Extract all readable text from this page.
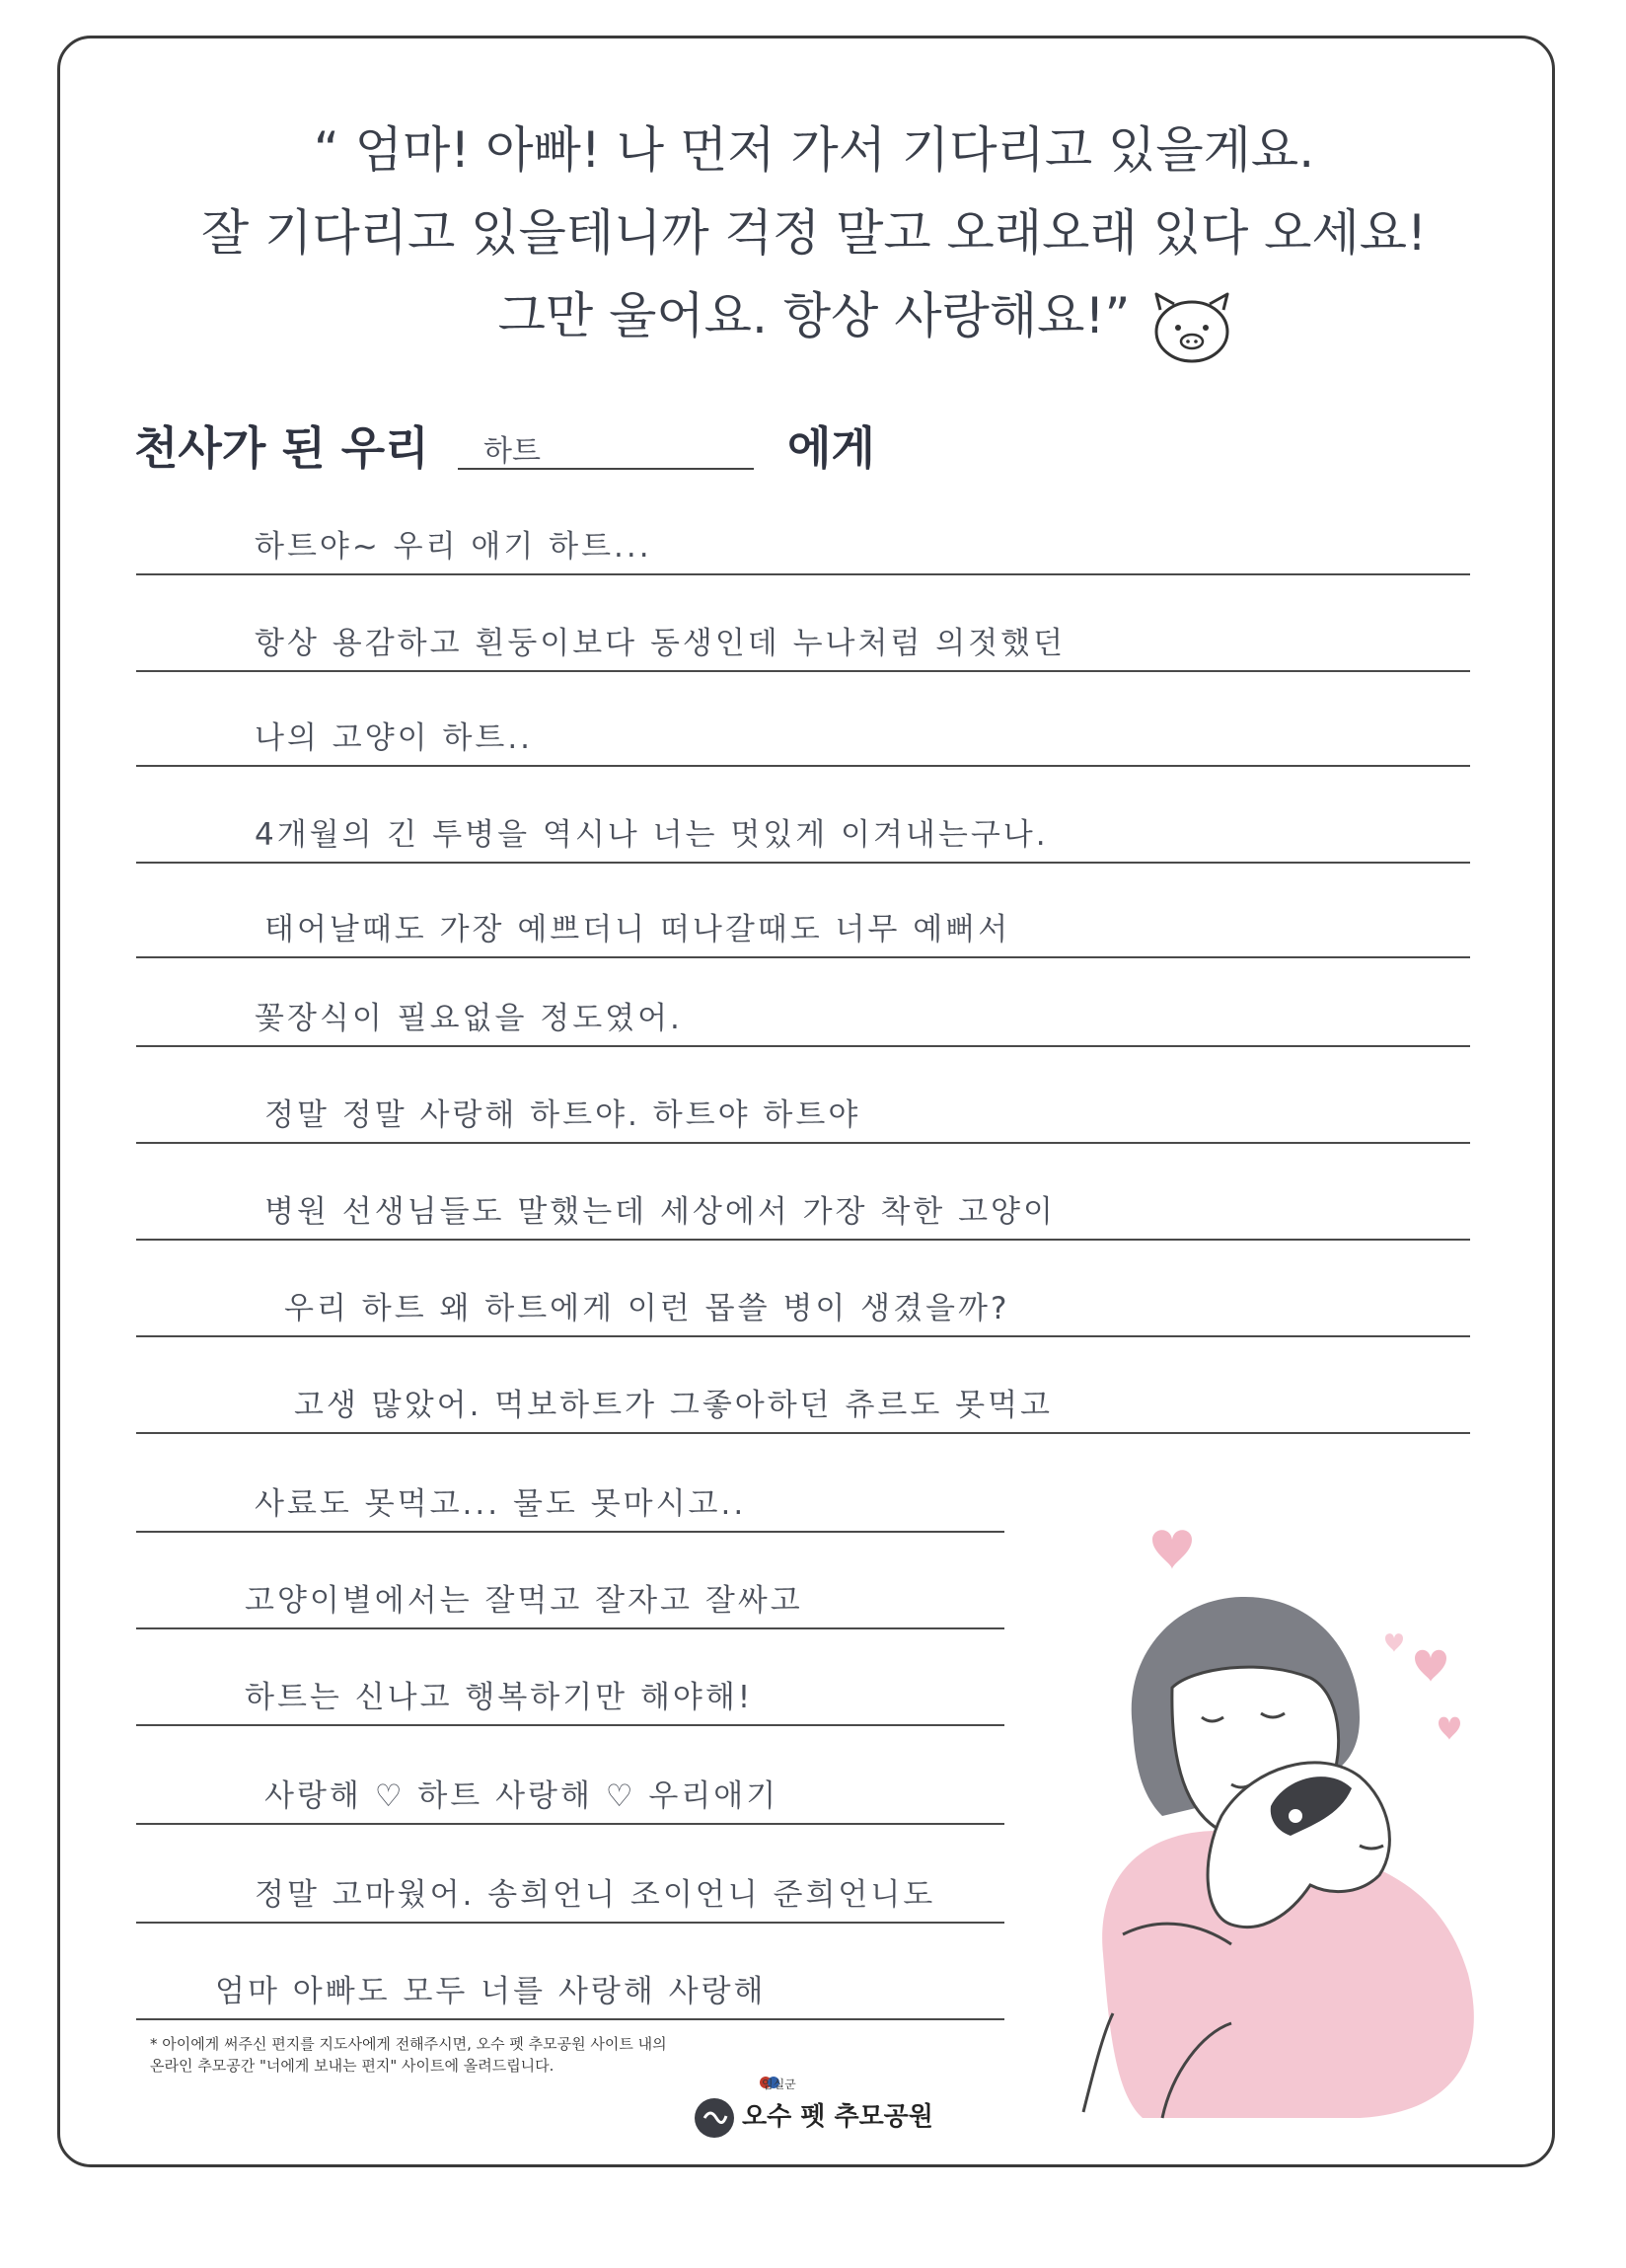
“ 엄마! 아빠! 나 먼저 가서 기다리고 있을게요.
잘 기다리고 있을테니까 걱정 말고 오래오래 있다 오세요!
그만 울어요. 항상 사랑해요!”
천사가 된 우리 하트	에게
하트야~ 우리 애기 하트...
항상 용감하고 흰둥이보다 동생인데 누나처럼 의젓했던
나의 고양이 하트..
4개월의 긴 투병을 역시나 너는 멋있게 이겨내는구나.
태어날때도 가장 예쁘더니 떠나갈때도 너무 예뻐서
꽃장식이 필요없을 정도였어.
정말 정말 사랑해 하트야. 하트야 하트야
병원 선생님들도 말했는데 세상에서 가장 착한 고양이
우리 하트 왜 하트에게 이런 몹쓸 병이 생겼을까?
고생 많았어. 먹보하트가 그좋아하던 츄르도 못먹고
사료도 못먹고... 물도 못마시고..
고양이별에서는 잘먹고 잘자고 잘싸고
하트는 신나고 행복하기만 해야해!
사랑해 ♡ 하트 사랑해 ♡ 우리애기
정말 고마웠어. 송희언니 조이언니 준희언니도
엄마 아빠도 모두 너를 사랑해 사랑해
* 아이에게 써주신 편지를 지도사에게 전해주시면, 오수 펫 추모공원 사이트 내의
온라인 추모공간 "너에게 보내는 편지" 사이트에 올려드립니다.
임실군
오수 펫 추모공원
